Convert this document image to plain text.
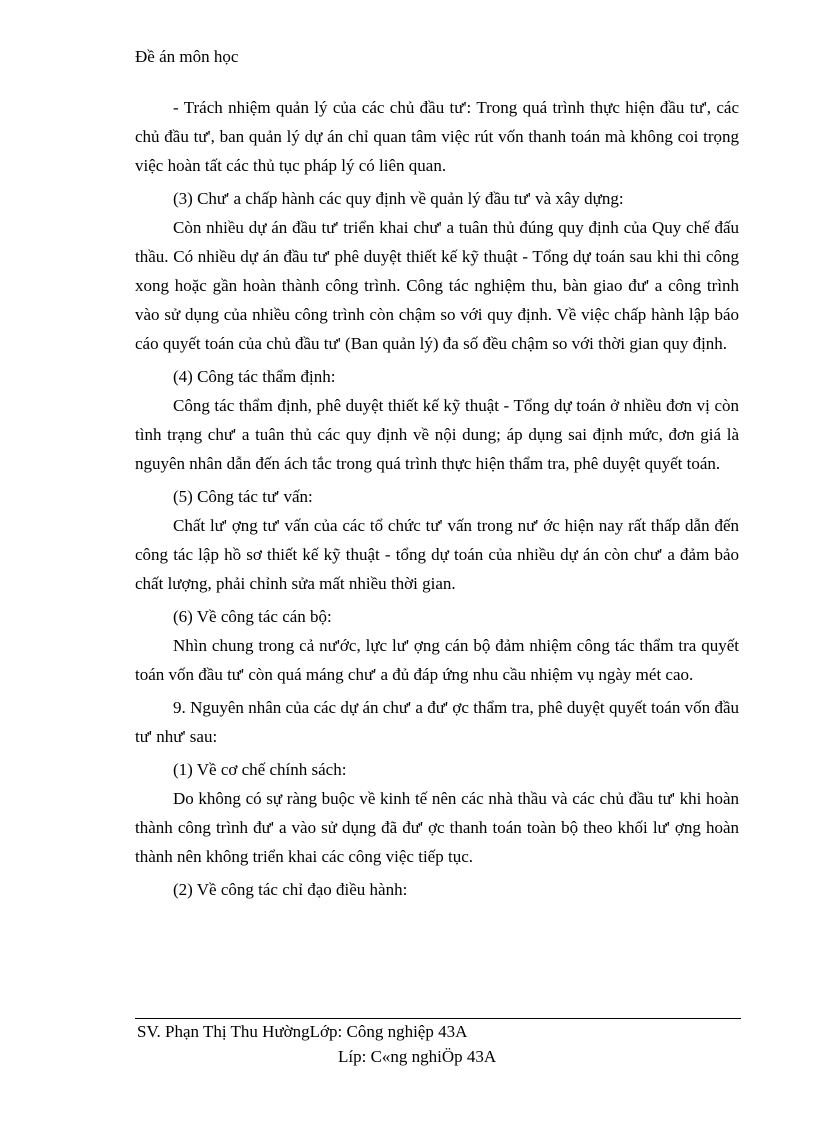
Đề án môn học

- Trách nhiệm quản lý của các chủ đầu tư': Trong quá trình thực hiện đầu tư', các chủ đầu tư', ban quản lý dự án chỉ quan tâm việc rút vốn thanh toán mà không coi trọng việc hoàn tất các thủ tục pháp lý có liên quan.

(3) Chư' a chấp hành các quy định về quản lý đầu tư' và xây dựng:

Còn nhiều dự án đầu tư' triển khai chư' a tuân thủ đúng quy định của Quy chế đấu thầu. Có nhiều dự án đầu tư' phê duyệt thiết kế kỹ thuật - Tổng dự toán sau khi thi công xong hoặc gần hoàn thành công trình. Công tác nghiệm thu, bàn giao đư' a công trình vào sử dụng của nhiều công trình còn chậm so với quy định. Về việc chấp hành lập báo cáo quyết toán của chủ đầu tư' (Ban quản lý) đa số đều chậm so với thời gian quy định.

(4) Công tác thẩm định:

Công tác thẩm định, phê duyệt thiết kế kỹ thuật - Tổng dự toán ở nhiều đơn vị còn tình trạng chư' a tuân thủ các quy định về nội dung; áp dụng sai định mức, đơn giá là nguyên nhân dẫn đến ách tắc trong quá trình thực hiện thẩm tra, phê duyệt quyết toán.

(5) Công tác tư' vấn:

Chất lư' ợng tư' vấn của các tổ chức tư' vấn trong nư' ớc hiện nay rất thấp dẫn đến công tác lập hồ sơ thiết kế kỹ thuật - tổng dự toán của nhiều dự án còn chư' a đảm bảo chất lượng, phải chỉnh sửa mất nhiều thời gian.

(6) Về công tác cán bộ:

Nhìn chung trong cả nư'ớc, lực lư' ợng cán bộ đảm nhiệm công tác thẩm tra quyết toán vốn đầu tư' còn quá máng chư' a đủ đáp ứng nhu cầu nhiệm vụ ngày mét cao.

9. Nguyên nhân của các dự án chư' a đư' ợc thẩm tra, phê duyệt quyết toán vốn đầu tư' như' sau:

(1) Về cơ chế chính sách:

Do không có sự ràng buộc về kinh tế nên các nhà thầu và các chủ đầu tư' khi hoàn thành công trình đư' a vào sử dụng đã đư' ợc thanh toán toàn bộ theo khối lư' ợng hoàn thành nên không triển khai các công việc tiếp tục.

(2) Về công tác chỉ đạo điều hành:

SV. Phạn Thị Thu HườngLớp: Công nghiệp 43A
Líp: C«ng nghiÖp 43A
